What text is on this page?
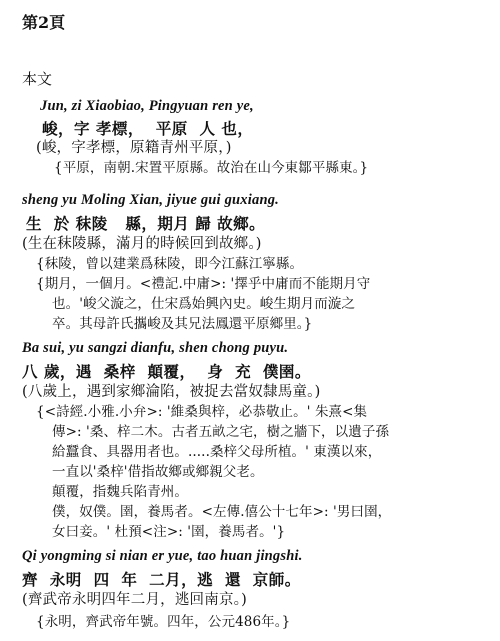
第2頁
本文
Jun, zi Xiaobiao, Pingyuan ren ye,
峻，字 孝標，  平原  人 也，
(峻，字孝標，原籍青州平原，)
{平原，南朝.宋置平原縣。故治在山今東鄒平縣東。}
sheng yu Moling Xian, jiyue gui guxiang.
生  於 秣陵   縣，期月 歸 故鄉。
(生在秣陵縣，滿月的時候回到故鄉。)
{秣陵，曾以建業爲秣陵，即今江蘇江寧縣。
{期月，一個月。<禮記.中庸>: '擇乎中庸而不能期月守
也。'峻父漩之，仕宋爲始興內史。峻生期月而漩之
卒。其母許氏攜峻及其兄法鳳還平原鄉里。}
Ba sui, yu sangzi dianfu, shen chong puyu.
八 歲，遇  桑梓  顛覆，  身  充  僕圉。
(八歲上，遇到家鄉淪陷，被捉去當奴隸馬童。)
{<詩經.小雅.小弁>: '維桑與梓，必恭敬止。' 朱熹<集
傳>: '桑、梓二木。古者五畝之宅，樹之牆下，以遺子孫
給蠶食、具器用者也。.....桑梓父母所植。' 東漢以來，
一直以'桑梓'借指故鄉或鄉親父老。
顛覆，指魏兵陷青州。
僕，奴僕。圉，養馬者。<左傳.僖公十七年>: '男曰圉，
女曰妾。' 杜預<注>: '圉，養馬者。'}
Qi yongming si nian er yue, tao huan jingshi.
齊  永明  四  年  二月，逃  還  京師。
(齊武帝永明四年二月，逃回南京。)
{永明，齊武帝年號。四年，公元486年。}
